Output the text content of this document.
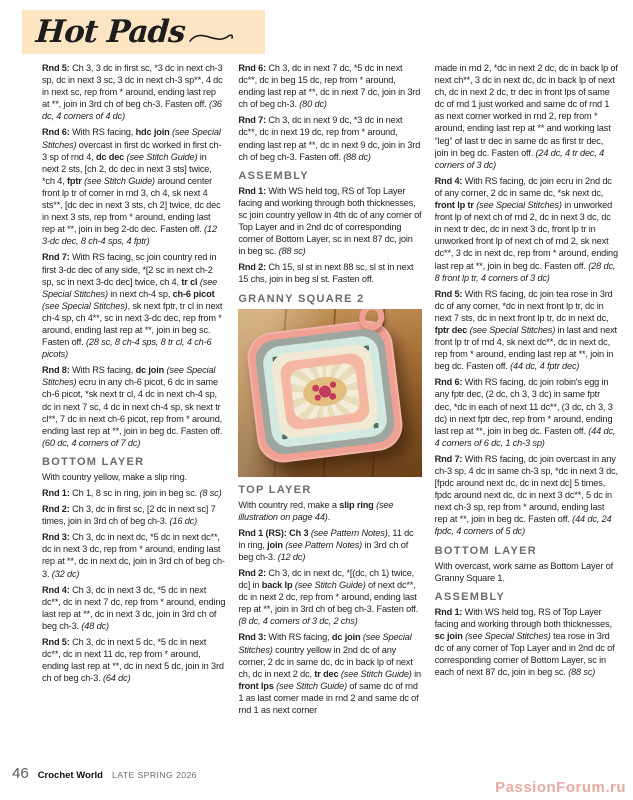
Hot Pads

Rnd 5: Ch 3, 3 dc in first sc, *3 dc in next ch-3 sp, dc in next 3 sc, 3 dc in next ch-3 sp**, 4 dc in next sc, rep from * around, ending last rep at **, join in 3rd ch of beg ch-3. Fasten off. (36 dc, 4 corners of 4 dc)

Rnd 6: With RS facing, hdc join (see Special Stitches) overcast in first dc worked in first ch-3 sp of rnd 4, dc dec (see Stitch Guide) in next 2 sts, [ch 2, dc dec in next 3 sts] twice, *ch 4, fptr (see Stitch Guide) around center front lp tr of corner in rnd 3, ch 4, sk next 4 sts**, [dc dec in next 3 sts, ch 2] twice, dc dec in next 3 sts, rep from * around, ending last rep at **, join in beg 2-dc dec. Fasten off. (12 3-dc dec, 8 ch-4 sps, 4 fptr)

Rnd 7: With RS facing, sc join country red in first 3-dc dec of any side, *[2 sc in next ch-2 sp, sc in next 3-dc dec] twice, ch 4, tr cl (see Special Stitches) in next ch-4 sp, ch-6 picot (see Special Stitches), sk next fptr, tr cl in next ch-4 sp, ch 4**, sc in next 3-dc dec, rep from * around, ending last rep at **, join in beg sc. Fasten off. (28 sc, 8 ch-4 sps, 8 tr cl, 4 ch-6 picots)

Rnd 8: With RS facing, dc join (see Special Stitches) ecru in any ch-6 picot, 6 dc in same ch-6 picot, *sk next tr cl, 4 dc in next ch-4 sp, dc in next 7 sc, 4 dc in next ch-4 sp, sk next tr cl**, 7 dc in next ch-6 picot, rep from * around, ending last rep at **, join in beg dc. Fasten off. (60 dc, 4 corners of 7 dc)

BOTTOM LAYER

With country yellow, make a slip ring.

Rnd 1: Ch 1, 8 sc in ring, join in beg sc. (8 sc)

Rnd 2: Ch 3, dc in first sc, [2 dc in next sc] 7 times, join in 3rd ch of beg ch-3. (16 dc)

Rnd 3: Ch 3, dc in next dc, *5 dc in next dc**, dc in next 3 dc, rep from * around, ending last rep at **, dc in next dc, join in 3rd ch of beg ch-3. (32 dc)

Rnd 4: Ch 3, dc in next 3 dc, *5 dc in next dc**, dc in next 7 dc, rep from * around, ending last rep at **, dc in next 3 dc, join in 3rd ch of beg ch-3. (48 dc)

Rnd 5: Ch 3, dc in next 5 dc, *5 dc in next dc**, dc in next 11 dc, rep from * around, ending last rep at **, dc in next 5 dc, join in 3rd ch of beg ch-3. (64 dc)

Rnd 6: Ch 3, dc in next 7 dc, *5 dc in next dc**, dc in beg 15 dc, rep from * around, ending last rep at **, dc in next 7 dc, join in 3rd ch of beg ch-3. (80 dc)

Rnd 7: Ch 3, dc in next 9 dc, *3 dc in next dc**, dc in next 19 dc, rep from * around, ending last rep at **, dc in next 9 dc, join in 3rd ch of beg ch-3. Fasten off. (88 dc)

ASSEMBLY

Rnd 1: With WS held tog, RS of Top Layer facing and working through both thicknesses, sc join country yellow in 4th dc of any corner of Top Layer and in 2nd dc of corresponding corner of Bottom Layer, sc in next 87 dc, join in beg sc. (88 sc)

Rnd 2: Ch 15, sl st in next 88 sc, sl st in next 15 chs, join in beg sl st. Fasten off.

GRANNY SQUARE 2
TOP LAYER

With country red, make a slip ring (see illustration on page 44).

Rnd 1 (RS): Ch 3 (see Pattern Notes), 11 dc in ring, join (see Pattern Notes) in 3rd ch of beg ch-3. (12 dc)

Rnd 2: Ch 3, dc in next dc, *[(dc, ch 1) twice, dc] in back lp (see Stitch Guide) of next dc**, dc in next 2 dc, rep from * around, ending last rep at **, join in 3rd ch of beg ch-3. Fasten off. (8 dc, 4 corners of 3 dc, 2 chs)

Rnd 3: With RS facing, dc join (see Special Stitches) country yellow in 2nd dc of any corner, 2 dc in same dc, dc in back lp of next ch, dc in next 2 dc, tr dec (see Stitch Guide) in front lps (see Stitch Guide) of same dc of rnd 1 as last corner made in rnd 2 and same dc of rnd 1 as next corner

made in rnd 2, *dc in next 2 dc, dc in back lp of next ch**, 3 dc in next dc, dc in back lp of next ch, dc in next 2 dc, tr dec in front lps of same dc of rnd 1 just worked and same dc of rnd 1 as next corner worked in rnd 2, rep from * around, ending last rep at ** and working last “leg” of last tr dec in same dc as first tr dec, join in beg dc. Fasten off. (24 dc, 4 tr dec, 4 corners of 3 dc)

Rnd 4: With RS facing, dc join ecru in 2nd dc of any corner, 2 dc in same dc, *sk next dc, front lp tr (see Special Stitches) in unworked front lp of next ch of rnd 2, dc in next 3 dc, dc in next tr dec, dc in next 3 dc, front lp tr in unworked front lp of next ch of rnd 2, sk next dc**, 3 dc in next dc, rep from * around, ending last rep at **, join in beg dc. Fasten off. (28 dc, 8 front lp tr, 4 corners of 3 dc)

Rnd 5: With RS facing, dc join tea rose in 3rd dc of any corner, *dc in next front lp tr, dc in next 7 sts, dc in next front lp tr, dc in next dc, fptr dec (see Special Stitches) in last and next front lp tr of rnd 4, sk next dc**, dc in next dc, rep from * around, ending last rep at **, join in beg dc. Fasten off. (44 dc, 4 fptr dec)

Rnd 6: With RS facing, dc join robin's egg in any fptr dec, (2 dc, ch 3, 3 dc) in same fptr dec, *dc in each of next 11 dc**, (3 dc, ch 3, 3 dc) in next fptr dec, rep from * around, ending last rep at **, join in beg dc. Fasten off. (44 dc, 4 corners of 6 dc, 1 ch-3 sp)

Rnd 7: With RS facing, dc join overcast in any ch-3 sp, 4 dc in same ch-3 sp, *dc in next 3 dc, [fpdc around next dc, dc in next dc] 5 times, fpdc around next dc, dc in next 3 dc**, 5 dc in next ch-3 sp, rep from * around, ending last rep at **, join in beg dc. Fasten off. (44 dc, 24 fpdc, 4 corners of 5 dc)

BOTTOM LAYER

With overcast, work same as Bottom Layer of Granny Square 1.

ASSEMBLY

Rnd 1: With WS held tog, RS of Top Layer facing and working through both thicknesses, sc join (see Special Stitches) tea rose in 3rd dc of any corner of Top Layer and in 2nd dc of corresponding corner of Bottom Layer, sc in each of next 87 dc, join in beg sc. (88 sc)

46 Crochet World LATE SPRING 2026
PassionForum.ru
